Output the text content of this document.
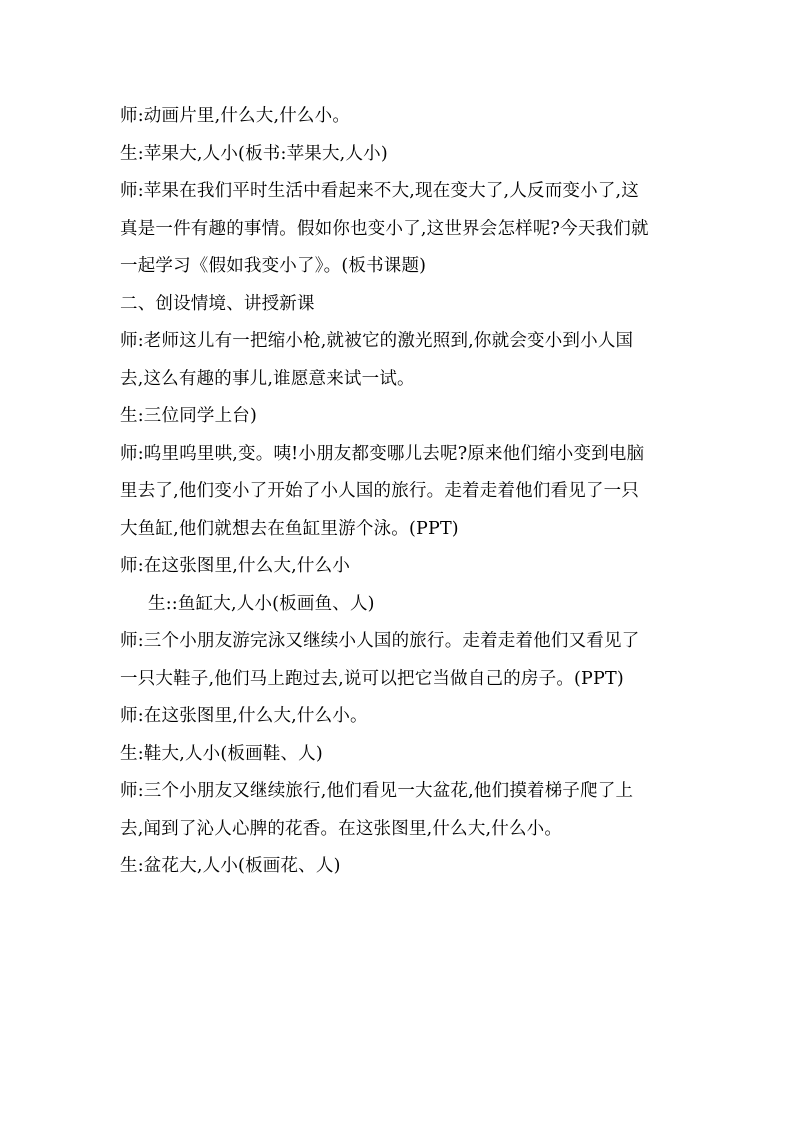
师:动画片里,什么大,什么小。

生:苹果大,人小(板书:苹果大,人小)

师:苹果在我们平时生活中看起来不大,现在变大了,人反而变小了,这
真是一件有趣的事情。假如你也变小了,这世界会怎样呢?今天我们就
一起学习《假如我变小了》。(板书课题)

二、创设情境、讲授新课

师:老师这儿有一把缩小枪,就被它的激光照到,你就会变小到小人国
去,这么有趣的事儿,谁愿意来试一试。

生:三位同学上台)

师:呜里呜里哄,变。咦!小朋友都变哪儿去呢?原来他们缩小变到电脑
里去了,他们变小了开始了小人国的旅行。走着走着他们看见了一只
大鱼缸,他们就想去在鱼缸里游个泳。(PPT)

师:在这张图里,什么大,什么小

生::鱼缸大,人小(板画鱼、人)

师:三个小朋友游完泳又继续小人国的旅行。走着走着他们又看见了
一只大鞋子,他们马上跑过去,说可以把它当做自己的房子。(PPT)

师:在这张图里,什么大,什么小。

生:鞋大,人小(板画鞋、人)

师:三个小朋友又继续旅行,他们看见一大盆花,他们摸着梯子爬了上
去,闻到了沁人心脾的花香。在这张图里,什么大,什么小。

生:盆花大,人小(板画花、人)
